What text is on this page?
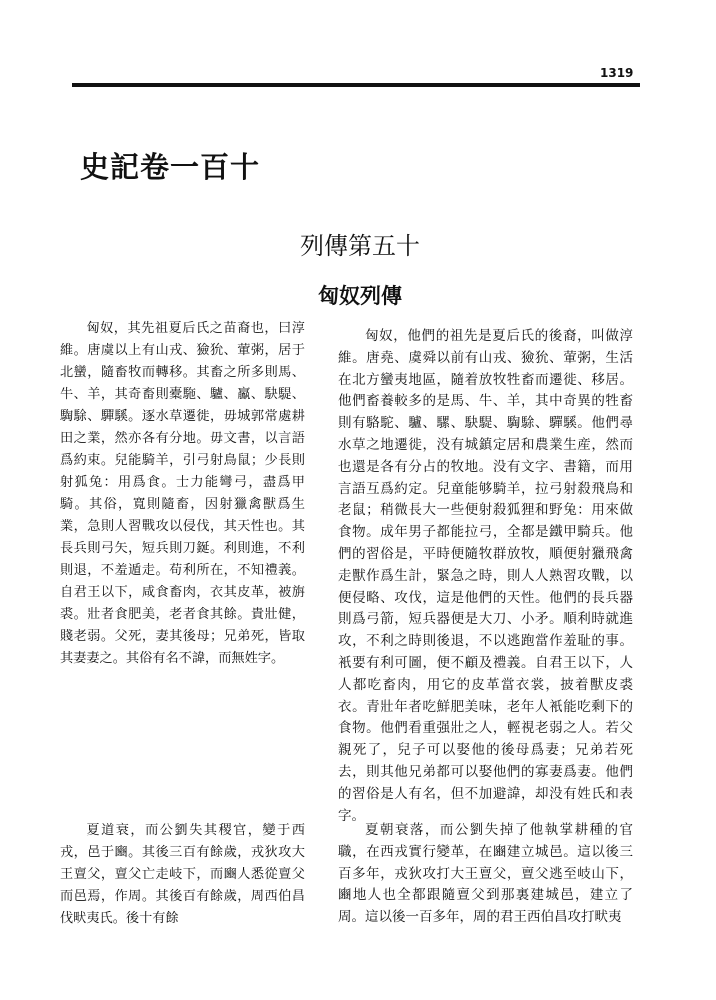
1319
史記卷一百十
列傳第五十
匈奴列傳

匈奴，其先祖夏后氏之苗裔也，曰淳維。唐虞以上有山戎、獫狁、葷粥，居于北蠻，隨畜牧而轉移。其畜之所多則馬、牛、羊，其奇畜則橐駞、驢、鸁、駃騠、騊駼、驒騱。逐水草遷徙，毋城郭常處耕田之業，然亦各有分地。毋文書，以言語爲約束。兒能騎羊，引弓射鳥鼠；少長則射狐兔：用爲食。士力能彎弓，盡爲甲騎。其俗，寬則隨畜，因射獵禽獸爲生業，急則人習戰攻以侵伐，其天性也。其長兵則弓矢，短兵則刀鋋。利則進，不利則退，不羞遁走。苟利所在，不知禮義。自君王以下，咸食畜肉，衣其皮革，被旃裘。壯者食肥美，老者食其餘。貴壯健，賤老弱。父死，妻其後母；兄弟死，皆取其妻妻之。其俗有名不諱，而無姓字。

夏道衰，而公劉失其稷官，變于西戎，邑于豳。其後三百有餘歲，戎狄攻大王亶父，亶父亡走岐下，而豳人悉從亶父而邑焉，作周。其後百有餘歲，周西伯昌伐畎夷氏。後十有餘

匈奴，他們的祖先是夏后氏的後裔，叫做淳維。唐堯、虞舜以前有山戎、獫狁、葷粥，生活在北方蠻夷地區，隨着放牧牲畜而遷徙、移居。他們畜養較多的是馬、牛、羊，其中奇異的牲畜則有駱駝、驢、騾、駃騠、騊駼、驒騱。他們尋水草之地遷徙，没有城鎮定居和農業生産，然而也還是各有分占的牧地。没有文字、書籍，而用言語互爲約定。兒童能够騎羊，拉弓射殺飛鳥和老鼠；稍微長大一些便射殺狐狸和野兔：用來做食物。成年男子都能拉弓，全都是鐵甲騎兵。他們的習俗是，平時便隨牧群放牧，順便射獵飛禽走獸作爲生計，緊急之時，則人人熟習攻戰，以便侵略、攻伐，這是他們的天性。他們的長兵器則爲弓箭，短兵器便是大刀、小矛。順利時就進攻，不利之時則後退，不以逃跑當作羞耻的事。衹要有利可圖，便不顧及禮義。自君王以下，人人都吃畜肉，用它的皮革當衣裳，披着獸皮裘衣。青壯年者吃鮮肥美味，老年人衹能吃剩下的食物。他們看重强壯之人，輕視老弱之人。若父親死了，兒子可以娶他的後母爲妻；兄弟若死去，則其他兄弟都可以娶他們的寡妻爲妻。他們的習俗是人有名，但不加避諱，却没有姓氏和表字。

夏朝衰落，而公劉失掉了他執掌耕種的官職，在西戎實行變革，在豳建立城邑。這以後三百多年，戎狄攻打大王亶父，亶父逃至岐山下，豳地人也全都跟隨亶父到那裏建城邑，建立了周。這以後一百多年，周的君王西伯昌攻打畎夷
